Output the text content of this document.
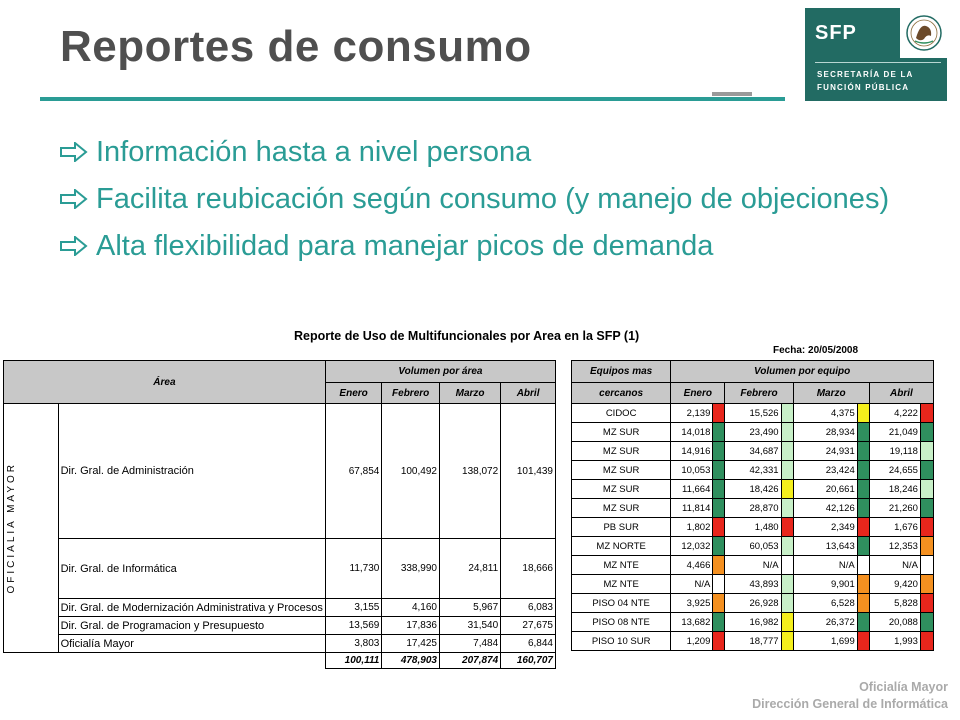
Reportes de consumo	SFP
SECRETARÍA DE LA
FUNCIÓN PÚBLICA
Información hasta a nivel persona
Facilita reubicación según consumo (y manejo de objeciones)
Alta flexibilidad para manejar picos de demanda
Reporte de Uso de Multifuncionales por Area en la SFP (1)
Fecha: 20/05/2008
Área		Volumen por área			
		Enero	Febrero	Marzo	Abril

OFICIALIA MAYOR	Dir. Gral. de Administración	67,854	100,492	138,072	101,439
	Dir. Gral. de Informática	11,730	338,990	24,811	18,666
	Dir. Gral. de Modernización Administrativa y Procesos	3,155	4,160	5,967	6,083
	Dir. Gral. de Programacion y Presupuesto	13,569	17,836	31,540	27,675
	Oficialía Mayor	3,803	17,425	7,484	6,844
		100,111	478,903	207,874	160,707
Equipos mas	Volumen por equipo							
cercanos	Enero		Febrero		Marzo		Abril	
CIDOC	2,139		15,526		4,375		4,222	
MZ SUR	14,018		23,490		28,934		21,049	
MZ SUR	14,916		34,687		24,931		19,118	
MZ SUR	10,053		42,331		23,424		24,655	
MZ SUR	11,664		18,426		20,661		18,246	
MZ SUR	11,814		28,870		42,126		21,260	
PB SUR	1,802		1,480		2,349		1,676	
MZ NORTE	12,032		60,053		13,643		12,353	
MZ NTE	4,466		N/A		N/A		N/A	
MZ NTE	N/A		43,893		9,901		9,420	
PISO 04 NTE	3,925		26,928		6,528		5,828	
PISO 08 NTE	13,682		16,982		26,372		20,088	
PISO 10 SUR	1,209		18,777		1,699		1,993	
Oficialía Mayor
Dirección General de Informática
